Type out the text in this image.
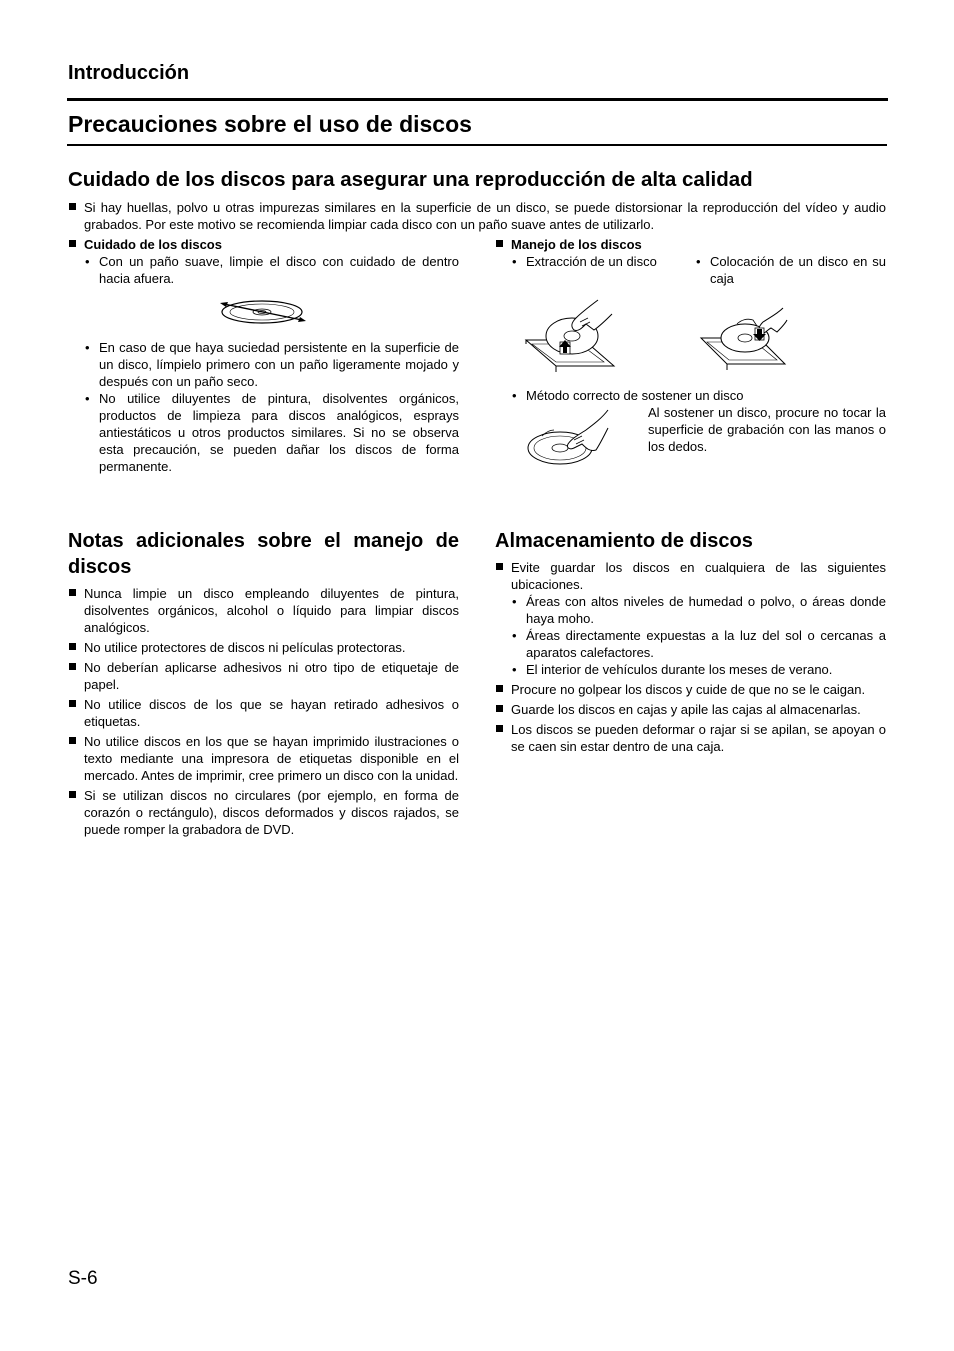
Introducción
Precauciones sobre el uso de discos
Cuidado de los discos para asegurar una reproducción de alta calidad

Si hay huellas, polvo u otras impurezas similares en la superficie de un disco, se puede distorsionar la reproducción del vídeo y audio grabados. Por este motivo se recomienda limpiar cada disco con un paño suave antes de utilizarlo.

Cuidado de los discos

• Con un paño suave, limpie el disco con cuidado de dentro hacia afuera.

• En caso de que haya suciedad persistente en la superficie de un disco, límpielo primero con un paño ligeramente mojado y después con un paño seco.

• No utilice diluyentes de pintura, disolventes orgánicos, productos de limpieza para discos analógicos, esprays antiestáticos u otros productos similares. Si no se observa esta precaución, se pueden dañar los discos de forma permanente.

Manejo de los discos

• Extracción de un disco

•	Colocación de un disco en su caja

• Método correcto de sostener un disco

Al sostener un disco, procure no tocar la superficie de grabación con las manos o los dedos.
Notas adicionales sobre el manejo de discos

Nunca limpie un disco empleando diluyentes de pintura, disolventes orgánicos, alcohol o líquido para limpiar discos analógicos.

No utilice protectores de discos ni películas protectoras.

No deberían aplicarse adhesivos ni otro tipo de etiquetaje de papel.

No utilice discos de los que se hayan retirado adhesivos o etiquetas.

No utilice discos en los que se hayan imprimido ilustraciones o texto mediante una impresora de etiquetas disponible en el mercado. Antes de imprimir, cree primero un disco con la unidad.

Si se utilizan discos no circulares (por ejemplo, en forma de corazón o rectángulo), discos deformados y discos rajados, se puede romper la grabadora de DVD.

Almacenamiento de discos

Evite guardar los discos en cualquiera de las siguientes ubicaciones.

• Áreas con altos niveles de humedad o polvo, o áreas donde haya moho.

• Áreas directamente expuestas a la luz del sol o cercanas a aparatos calefactores.

• El interior de vehículos durante los meses de verano.

Procure no golpear los discos y cuide de que no se le caigan.

Guarde los discos en cajas y apile las cajas al almacenarlas.

Los discos se pueden deformar o rajar si se apilan, se apoyan o se caen sin estar dentro de una caja.

S-6
